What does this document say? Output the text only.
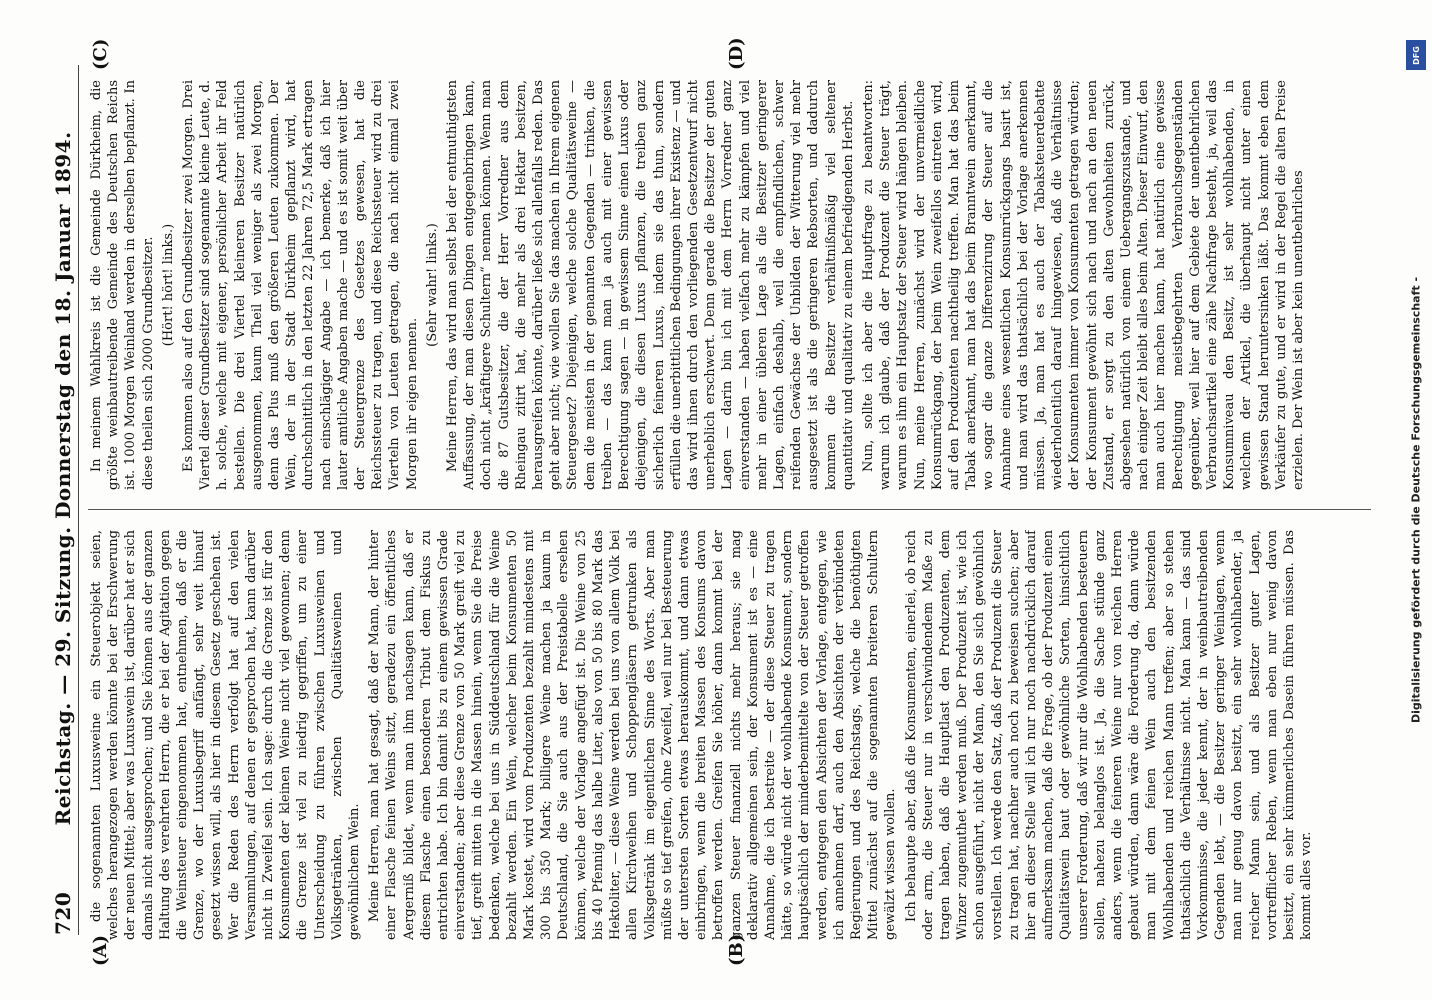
720
Reichstag. — 29. Sitzung. Donnerstag den 18. Januar 1894. die sogenannten Luxusweine ein Steuerobjekt seien, welches herangezogen werden könnte bei der Erschwerung der neuen Mittel; aber was Luxuswein ist, darüber hat er sich damals nicht ausgesprochen; und Sie können aus der ganzen Haltung des verehrten Herrn, die er bei der Agitation gegen die Weinsteuer eingenommen hat, entnehmen, daß er die Grenze, wo der Luxusbegriff anfängt, sehr weit hinauf gesetzt wissen will, als hier in diesem Gesetz geschehen ist. Wer die Reden des Herrn verfolgt hat auf den vielen Versammlungen, auf denen er gesprochen hat, kann darüber nicht in Zweifel sein. Ich sage: durch die Grenze ist für den Konsumenten der kleinen Weine nicht viel gewonnen; denn die Grenze ist viel zu niedrig gegriffen, um zu einer Unterscheidung zu führen zwischen Luxusweinen und Volksgetränken, zwischen Qualitätsweinen und gewöhnlichem Wein. Meine Herren, man hat gesagt, daß der Mann, der hinter einer Flasche feinen Weins sitzt, geradezu ein öffentliches Aergerniß bildet, wenn man ihm nachsagen kann, daß er diesem Flasche einen besonderen Tribut dem Fiskus zu entrichten habe. Ich bin damit bis zu einem gewissen Grade einverstanden; aber diese Grenze von 50 Mark greift viel zu tief, greift mitten in die Massen hinein, wenn Sie die Preise bedenken, welche bei uns in Süddeutschland für die Weine bezahlt werden. Ein Wein, welcher beim Konsumenten 50 Mark kostet, wird vom Produzenten bezahlt mindestens mit 300 bis 350 Mark; billigere Weine machen ja kaum in Deutschland, die Sie auch aus der Preistabelle ersehen können, welche der Vorlage angefügt ist. Die Weine von 25 bis 40 Pfennig das halbe Liter, also von 50 bis 80 Mark das Hektoliter, — diese Weine werden bei uns von allem Volk bei allen Kirchweihen und Schoppengläsern getrunken als Volksgetränk im eigentlichen Sinne des Worts. Aber man müßte so tief greifen, ohne Zweifel, weil nur bei Besteuerung der untersten Sorten etwas herauskommt, und dann etwas einbringen, wenn die breiten Massen des Konsums davon betroffen werden. Greifen Sie höher, dann kommt bei der ganzen Steuer finanziell nichts mehr heraus; sie mag deklarativ allgemeinen sein, der Konsument ist es — eine Annahme, die ich bestreite — der diese Steuer zu tragen hätte, so würde nicht der wohlhabende Konsument, sondern hauptsächlich der minderbemittelte von der Steuer getroffen werden, entgegen den Absichten der Vorlage, entgegen, wie ich annehmen darf, auch den Absichten der verbündeten Regierungen und des Reichstags, welche die benöthigten Mittel zunächst auf die sogenannten breiteren Schultern gewälzt wissen wollen. Ich behaupte aber, daß die Konsumenten, einerlei, ob reich oder arm, die Steuer nur in verschwindendem Maße zu tragen haben, daß die Hauptlast den Produzenten, dem Winzer zugemuthet werden muß. Der Produzent ist, wie ich schon ausgeführt, nicht der Mann, den Sie sich gewöhnlich vorstellen. Ich werde den Satz, daß der Produzent die Steuer zu tragen hat, nachher auch noch zu beweisen suchen; aber hier an dieser Stelle will ich nur noch nachdrücklich darauf aufmerksam machen, daß die Frage, ob der Produzent einen Qualitätswein baut oder gewöhnliche Sorten, hinsichtlich unserer Forderung, daß wir nur die Wohlhabenden besteuern sollen, nahezu belanglos ist. Ja, die Sache stünde ganz anders, wenn die feineren Weine nur von reichen Herren gebaut würden, dann wäre die Forderung da, dann würde man mit dem feinen Wein auch den besitzenden Wohlhabenden und reichen Mann treffen; aber so stehen thatsächlich die Verhältnisse nicht. Man kann — das sind Vorkommnisse, die jeder kennt, der in weinbautreibenden Gegenden lebt, — die Besitzer geringer Weinlagen, wenn man nur genug davon besitzt, ein sehr wohlhabender, ja reicher Mann sein, und als Besitzer guter Lagen, vortrefflicher Reben, wenn man eben nur wenig davon besitzt, ein sehr kümmerliches Dasein führen müssen. Das kommt alles vor.

In meinem Wahlkreis ist die Gemeinde Dürkheim, die größte weinbautreibende Gemeinde des Deutschen Reichs ist. 1000 Morgen Weinland werden in derselben bepflanzt. In diese theilen sich 2000 Grundbesitzer. (Hört! hört! links.) Es kommen also auf den Grundbesitzer zwei Morgen. Drei Viertel dieser Grundbesitzer sind sogenannte kleine Leute, d. h. solche, welche mit eigener, persönlicher Arbeit ihr Feld bestellen. Die drei Viertel kleineren Besitzer natürlich ausgenommen, kaum Theil viel weniger als zwei Morgen, denn das Plus muß den größeren Leuten zukommen. Der Wein, der in der Stadt Dürkheim gepflanzt wird, hat durchschnittlich in den letzten 22 Jahren 72,5 Mark ertragen nach einschlägiger Angabe — ich bemerke, daß ich hier lauter amtliche Angaben mache — und es ist somit weit über der Steuergrenze des Gesetzes gewesen, hat die Reichssteuer zu tragen, und diese Reichssteuer wird zu drei Vierteln von Leuten getragen, die nach nicht einmal zwei Morgen ihr eigen nennen.

(Sehr wahr! links.) Meine Herren, das wird man selbst bei der entmuthigtsten Auffassung, der man diesen Dingen entgegenbringen kann, doch nicht „kräftigere Schultern“ nennen können. Wenn man die 87 Gutsbesitzer, die der Herr Vorredner aus dem Rheingau zitirt hat, die mehr als drei Hektar besitzen, herausgreifen könnte, darüber ließe sich allenfalls reden. Das geht aber nicht; wie wollen Sie das machen in Ihrem eigenen Steuergesetz? Diejenigen, welche solche Qualitätsweine — dem die meisten in der genannten Gegenden — trinken, die treiben — das kann man ja auch mit einer gewissen Berechtigung sagen — in gewissem Sinne einen Luxus oder diejenigen, die diesen Luxus pflanzen, die treiben ganz sicherlich feineren Luxus, indem sie das thun, sondern erfüllen die unerbittlichen Bedingungen ihrer Existenz — und das wird ihnen durch den vorliegenden Gesetzentwurf nicht unerheblich erschwert. Denn gerade die Besitzer der guten Lagen — darin bin ich mit dem Herrn Vorredner ganz einverstanden — haben vielfach mehr zu kämpfen und viel mehr in einer übleren Lage als die Besitzer geringerer Lagen, einfach deshalb, weil die empfindlichen, schwer reifenden Gewächse der Unbilden der Witterung viel mehr ausgesetzt ist als die geringeren Rebsorten, und dadurch kommen die Besitzer verhältnißmäßig viel seltener quantitativ und qualitativ zu einem befriedigenden Herbst. Nun, sollte ich aber die Hauptfrage zu beantworten: warum ich glaube, daß der Produzent die Steuer trägt, warum es ihm ein Hauptsatz der Steuer wird hängen bleiben. Nun, meine Herren, zunächst wird der unvermeidliche Konsumrückgang, der beim Wein zweifellos eintreten wird, auf den Produzenten nachtheilig treffen. Man hat das beim Tabak anerkannt, man hat das beim Branntwein anerkannt, wo sogar die ganze Differenzirung der Steuer auf die Annahme eines wesentlichen Konsumrückgangs basirt ist, und man wird das thatsächlich bei der Vorlage anerkennen müssen. Ja, man hat es auch der Tabaksteuerdebatte wiederholentlich darauf hingewiesen, daß die Verhältnisse der Konsumenten immer von Konsumenten getragen würden; der Konsument gewöhnt sich nach und nach an den neuen Zustand, er sorgt zu den alten Gewohnheiten zurück, abgesehen natürlich von einem Uebergangszustande, und nach einiger Zeit bleibt alles beim Alten. Dieser Einwurf, den man auch hier machen kann, hat natürlich eine gewisse Berechtigung meistbegehrten Verbrauchsgegenständen gegenüber, weil hier auf dem Gebiete der unentbehrlichen Verbrauchsartikel eine zähe Nachfrage besteht, ja, weil das Konsumniveau den Besitz, ist sehr wohlhabenden, in welchem der Artikel, die überhaupt nicht unter einen gewissen Stand heruntersinken läßt. Das kommt eben dem Verkäufer zu gute, und er wird in der Regel die alten Preise erzielen. Der Wein ist aber kein unentbehrliches

(A)	(B)
(C)	(D)	DFG
Digitalisierung gefördert durch die Deutsche Forschungsgemeinschaft -
